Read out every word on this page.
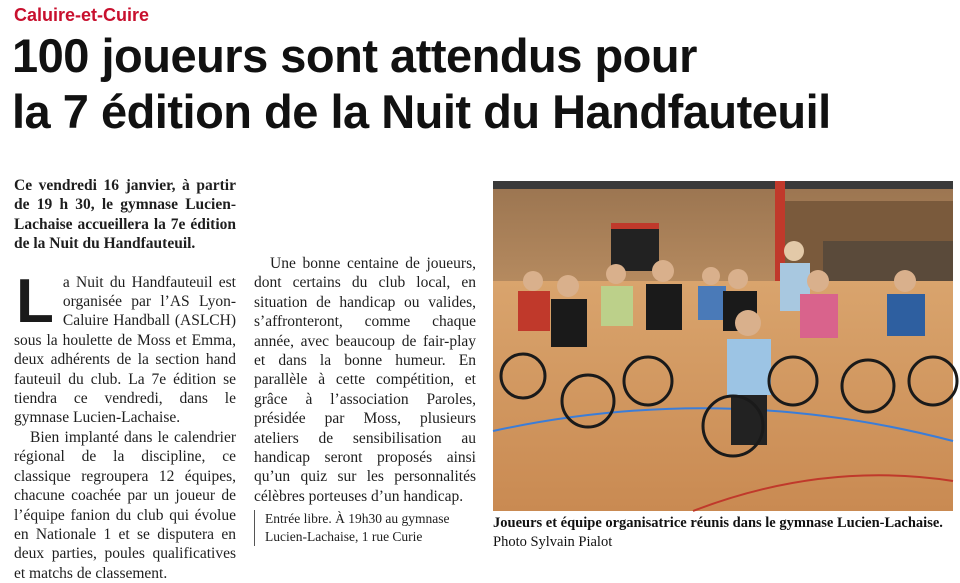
Caluire-et-Cuire
100 joueurs sont attendus pour
la 7 édition de la Nuit du Handfauteuil

Ce vendredi 16 janvier, à partir de 19 h 30, le gymnase Lucien-Lachaise accueillera la 7e édition de la Nuit du Handfauteuil.

La Nuit du Handfauteuil est organisée par l’AS Lyon-Caluire Handball (ASLCH) sous la houlette de Moss et Emma, deux adhérents de la section hand fauteuil du club. La 7e édition se tiendra ce vendredi, dans le gymnase Lucien-Lachaise.

Bien implanté dans le calendrier régional de la discipline, ce classique regroupera 12 équipes, chacune coachée par un joueur de l’équipe fanion du club qui évolue en Nationale 1 et se disputera en deux parties, poules qualificatives et matchs de classement.

Une bonne centaine de joueurs, dont certains du club local, en situation de handicap ou valides, s’affronteront, comme chaque année, avec beaucoup de fair-play et dans la bonne humeur. En parallèle à cette compétition, et grâce à l’association Paroles, présidée par Moss, plusieurs ateliers de sensibilisation au handicap seront proposés ainsi qu’un quiz sur les personnalités célèbres porteuses d’un handicap.

Entrée libre. À 19h30 au gymnase Lucien-Lachaise, 1 rue Curie

Joueurs et équipe organisatrice réunis dans le gymnase Lucien-Lachaise. Photo Sylvain Pialot
